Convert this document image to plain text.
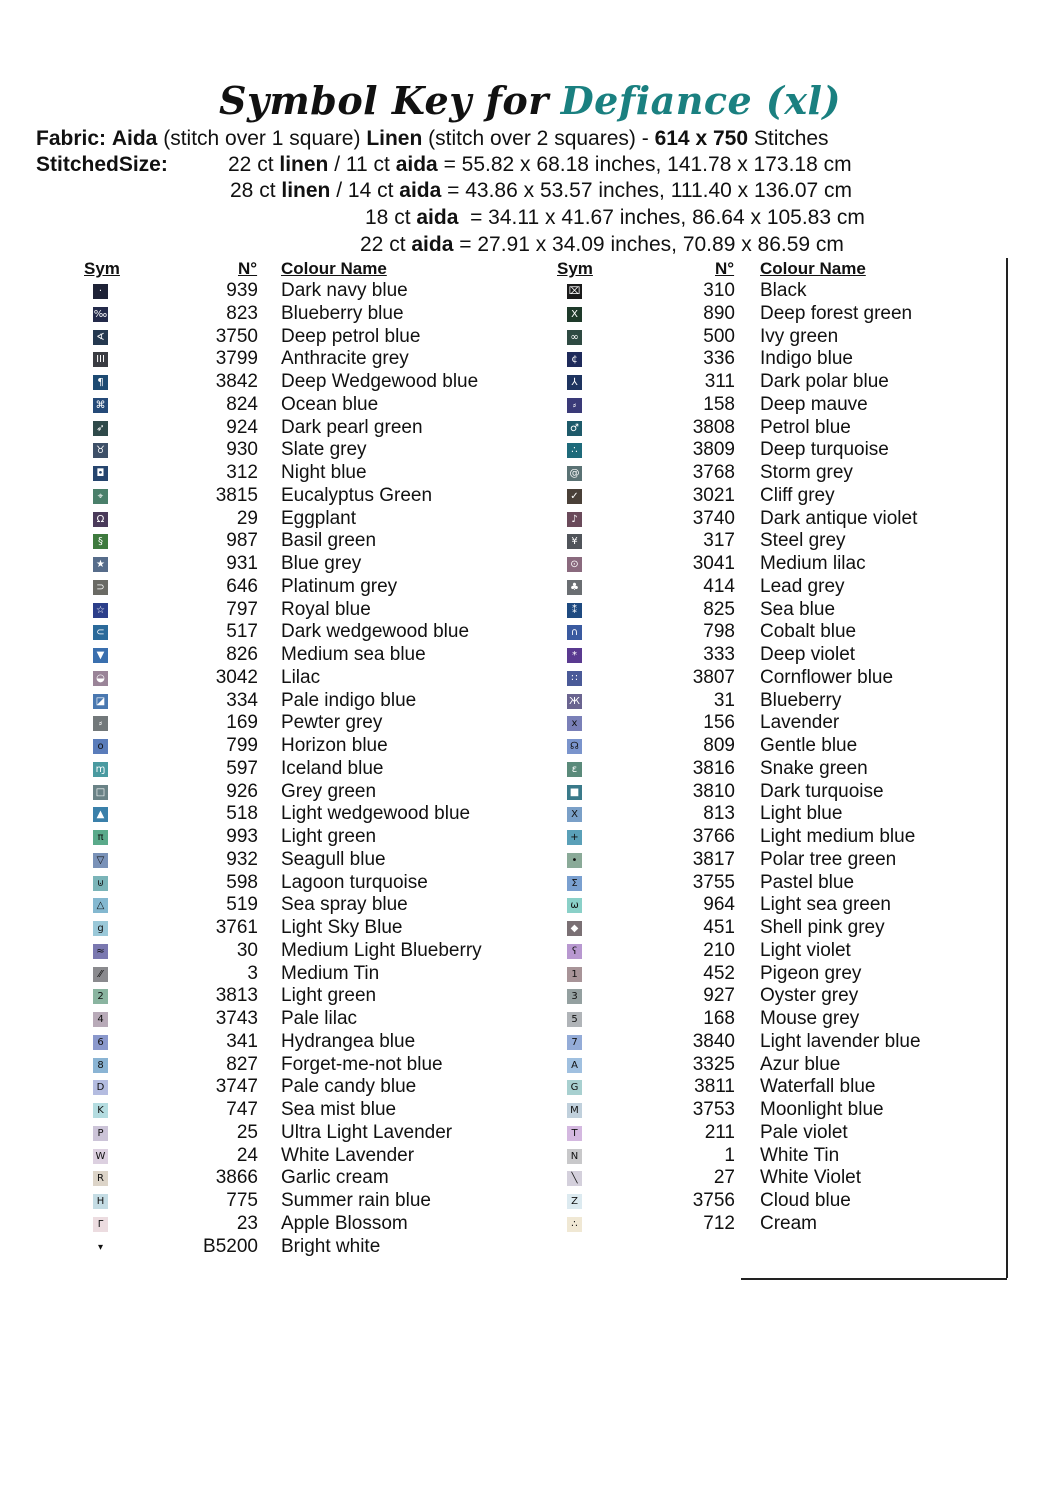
Symbol Key for Defiance (xl)
Fabric: Aida (stitch over 1 square) Linen (stitch over 2 squares) - 614 x 750 Stitches
StitchedSize:	22 ct linen / 11 ct aida = 55.82 x 68.18 inches, 141.78 x 173.18 cm
28 ct linen / 14 ct aida = 43.86 x 53.57 inches, 111.40 x 136.07 cm
18 ct aida  = 34.11 x 41.67 inches, 86.64 x 105.83 cm
22 ct aida = 27.91 x 34.09 inches, 70.89 x 86.59 cm
Sym	N° Colour Name	Sym	N° Colour Name
·	939 Dark navy blue
‰	823 Blueberry blue
∢	3750 Deep petrol blue
III	3799 Anthracite grey
¶	3842 Deep Wedgewood blue
⌘	824 Ocean blue
➶	924 Dark pearl green
♉	930 Slate grey
◘	312 Night blue
⌖	3815 Eucalyptus Green
Ω	29 Eggplant
§	987 Basil green
★	931 Blue grey
⊃	646 Platinum grey
☆	797 Royal blue
⊂	517 Dark wedgewood blue
▼	826 Medium sea blue
◒	3042 Lilac
◪	334 Pale indigo blue
⸗	169 Pewter grey
o	799 Horizon blue
ɱ	597 Iceland blue
□	926 Grey green
▲	518 Light wedgewood blue
π	993 Light green
▽	932 Seagull blue
⊍	598 Lagoon turquoise
△	519 Sea spray blue
g	3761 Light Sky Blue
≈	30 Medium Light Blueberry
⁄⁄	3 Medium Tin
2	3813 Light green
4	3743 Pale lilac
6	341 Hydrangea blue
8	827 Forget-me-not blue
D	3747 Pale candy blue
K	747 Sea mist blue
P	25 Ultra Light Lavender
W	24 White Lavender
R	3866 Garlic cream
H	775 Summer rain blue
Γ	23 Apple Blossom
▾	B5200 Bright white
⌧	310 Black
X	890 Deep forest green
∞	500 Ivy green
¢	336 Indigo blue
⅄	311 Dark polar blue
⸗	158 Deep mauve
♂	3808 Petrol blue
∴	3809 Deep turquoise
@	3768 Storm grey
✓	3021 Cliff grey
♪	3740 Dark antique violet
¥	317 Steel grey
⊙	3041 Medium lilac
♣	414 Lead grey
⁑	825 Sea blue
∩	798 Cobalt blue
*	333 Deep violet
∷	3807 Cornflower blue
Ж	31 Blueberry
x	156 Lavender
☊	809 Gentle blue
ε	3816 Snake green
■	3810 Dark turquoise
Χ	813 Light blue
+	3766 Light medium blue
•	3817 Polar tree green
Σ	3755 Pastel blue
ω	964 Light sea green
◆	451 Shell pink grey
ʕ	210 Light violet
1	452 Pigeon grey
3	927 Oyster grey
5	168 Mouse grey
7	3840 Light lavender blue
A	3325 Azur blue
G	3811 Waterfall blue
M	3753 Moonlight blue
T	211 Pale violet
N	1 White Tin
╲	27 White Violet
Z	3756 Cloud blue
∴	712 Cream
